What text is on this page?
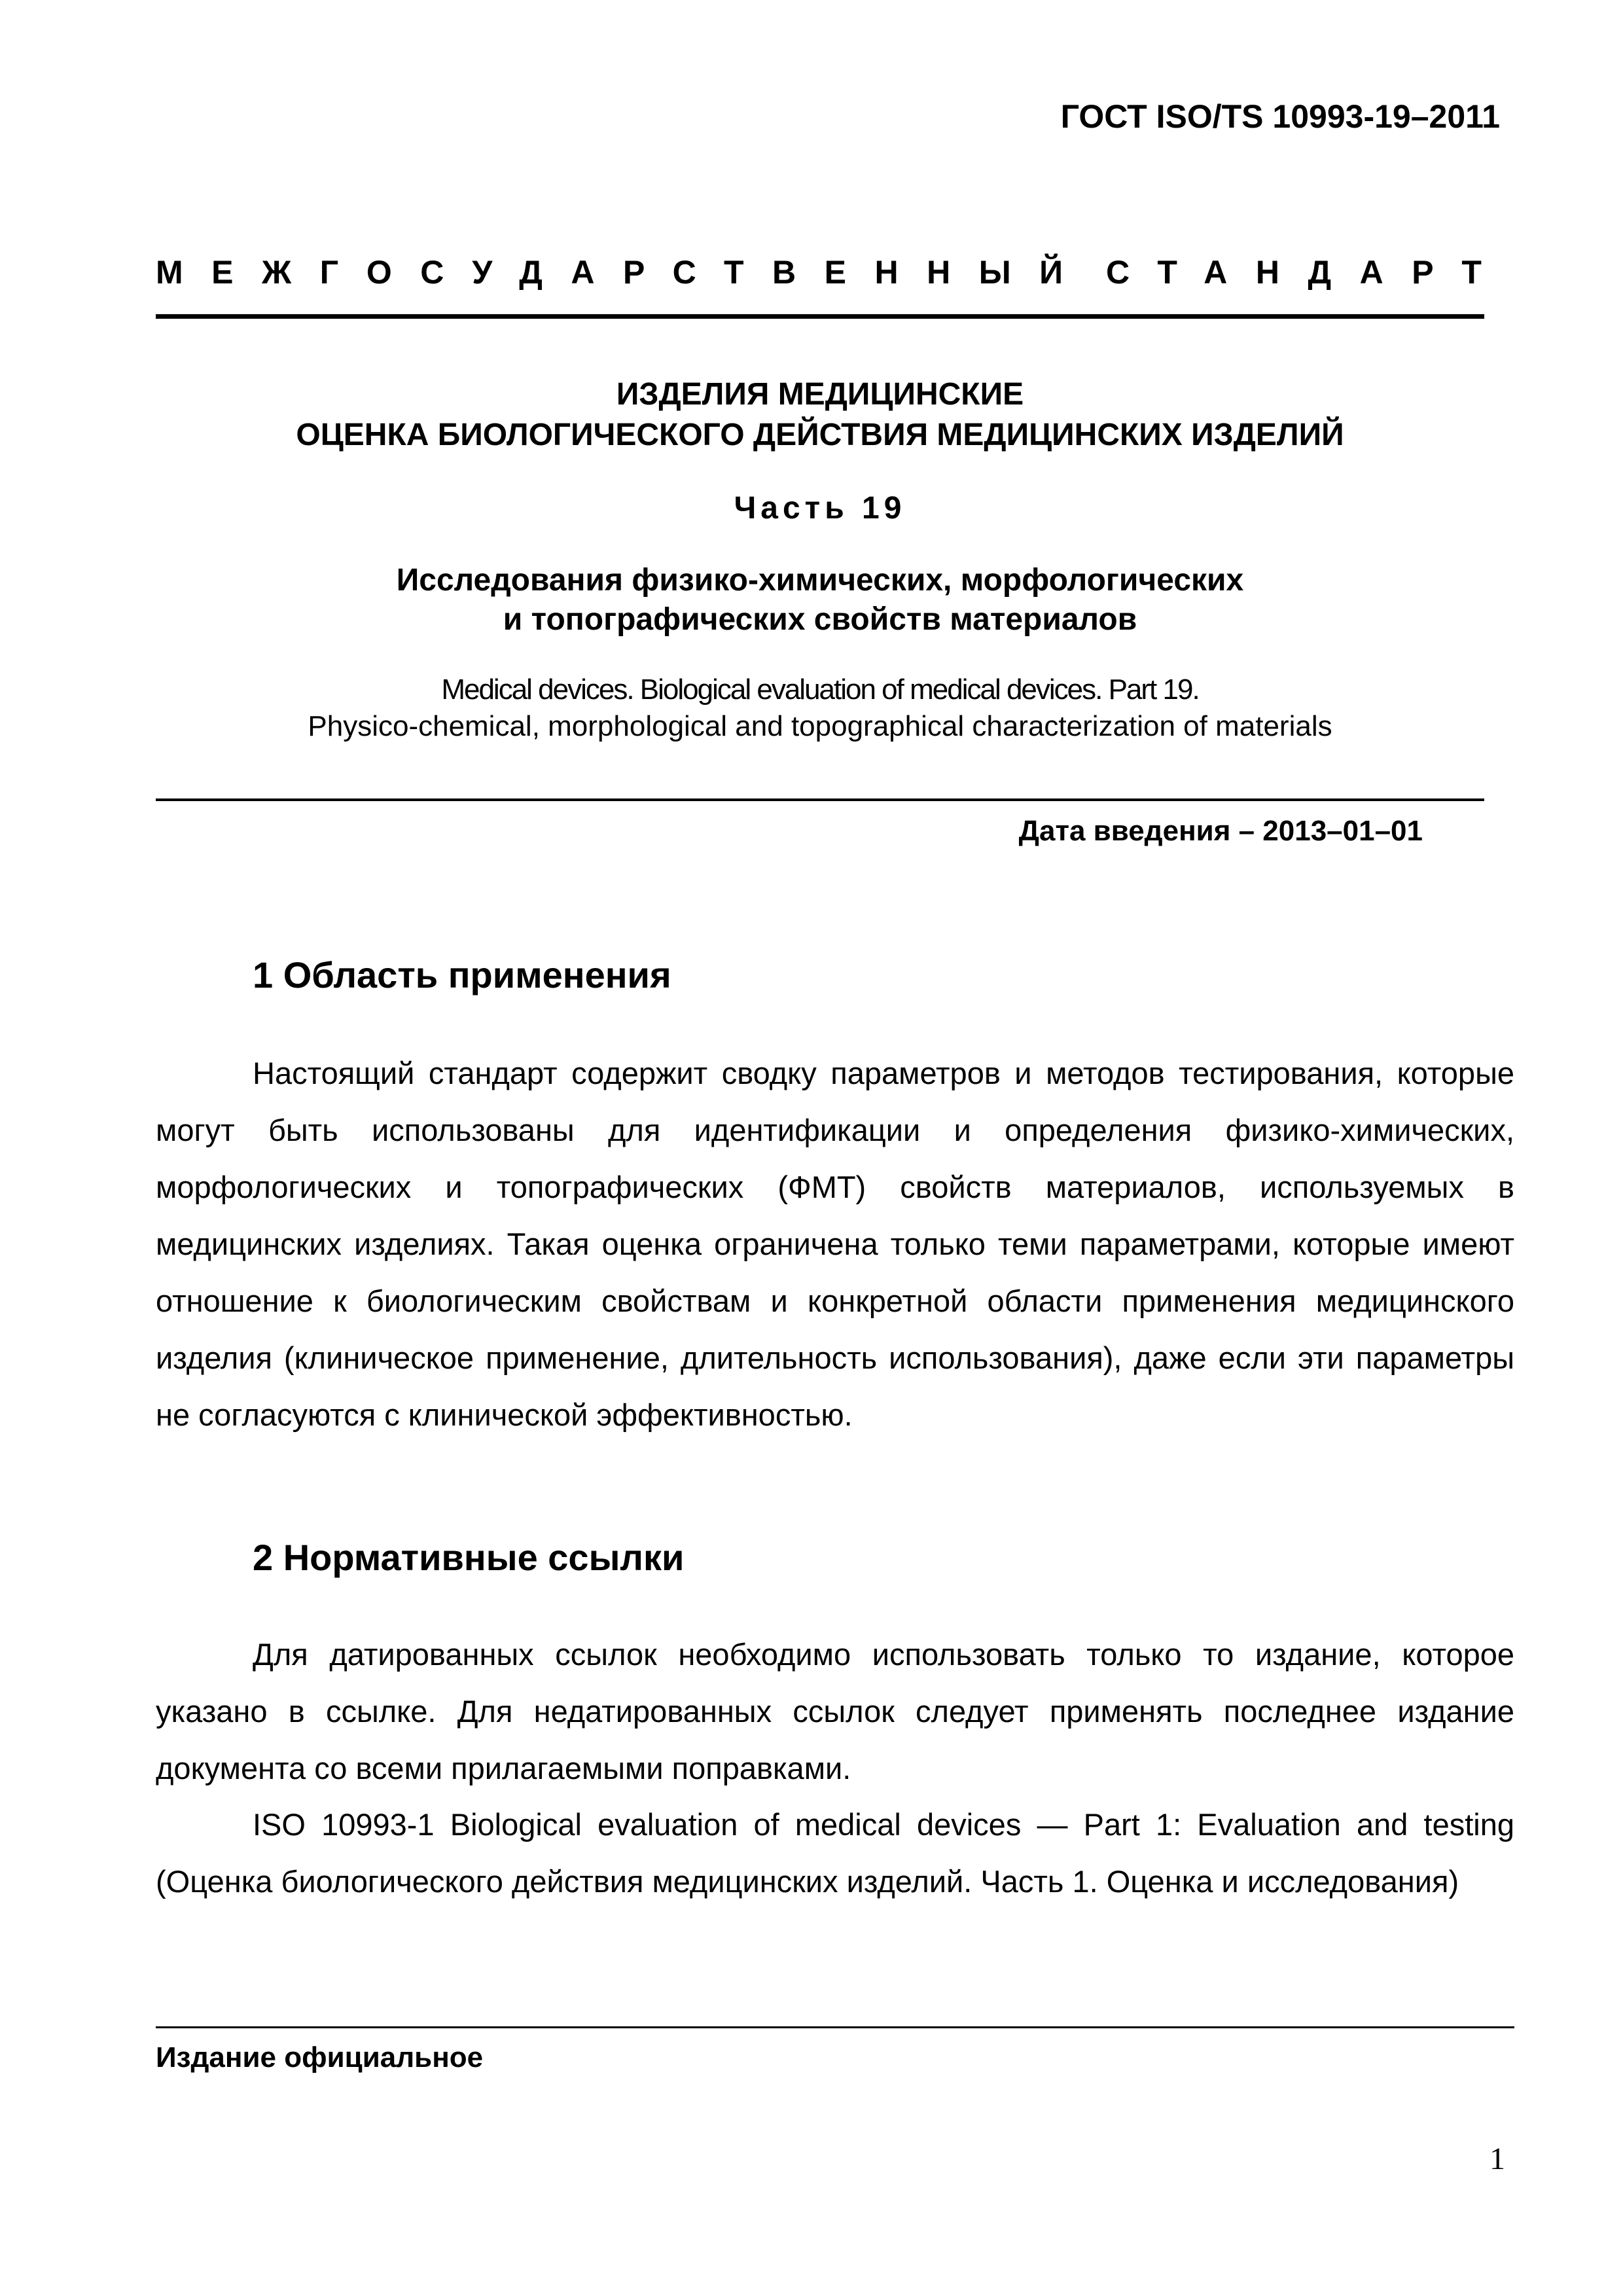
ГОСТ ISO/TS 10993-19–2011
МЕЖГОСУДАРСТВЕННЫЙ СТАНДАРТ
ИЗДЕЛИЯ МЕДИЦИНСКИЕ
ОЦЕНКА БИОЛОГИЧЕСКОГО ДЕЙСТВИЯ МЕДИЦИНСКИХ ИЗДЕЛИЙ
Часть 19
Исследования физико-химических, морфологических
и топографических свойств материалов
Medical devices. Biological evaluation of medical devices. Part 19.
Physico-chemical, morphological and topographical characterization of materials
Дата введения – 2013–01–01
1 Область применения

Настоящий стандарт содержит сводку параметров и методов тестирования, которые могут быть использованы для идентификации и определения физико-химических, морфологических и топографических (ФМТ) свойств материалов, используемых в медицинских изделиях. Такая оценка ограничена только теми параметрами, которые имеют отношение к биологическим свойствам и конкретной области применения медицинского изделия (клиническое применение, длительность использования), даже если эти параметры не согласуются с клинической эффективностью.

2 Нормативные ссылки

Для датированных ссылок необходимо использовать только то издание, которое указано в ссылке. Для недатированных ссылок следует применять последнее издание документа со всеми прилагаемыми поправками.

ISO 10993-1 Biological evaluation of medical devices — Part 1: Evaluation and testing (Оценка биологического действия медицинских изделий. Часть 1. Оценка и исследования)

Издание официальное
1
